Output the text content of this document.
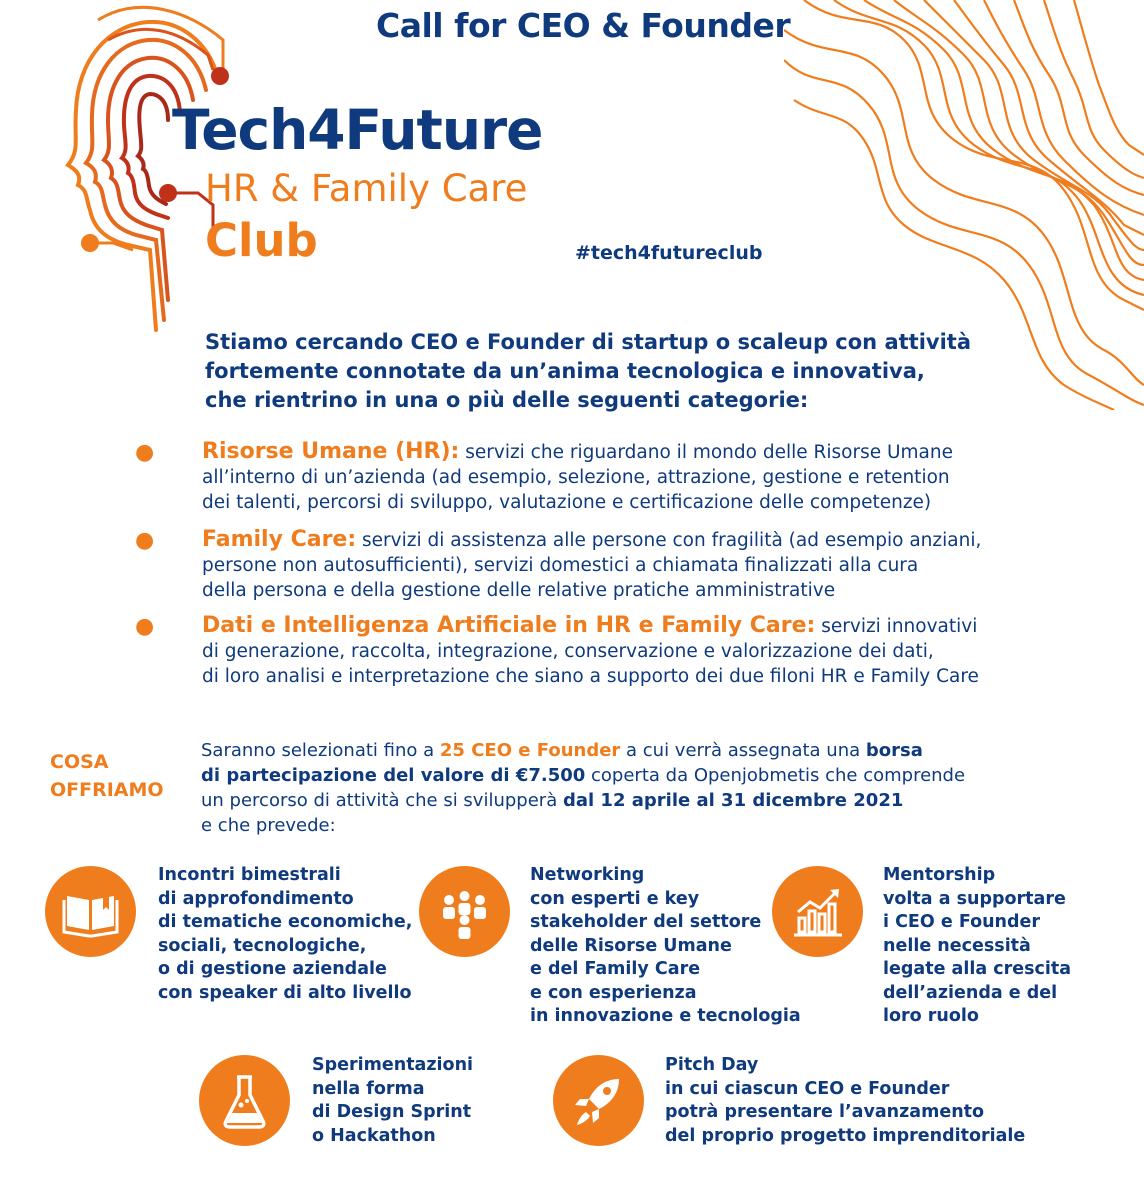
Call for CEO & Founder
Tech4Future
HR & Family Care
Club	#tech4futureclub
Stiamo cercando CEO e Founder di startup o scaleup con attività
fortemente connotate da un’anima tecnologica e innovativa,
che rientrino in una o più delle seguenti categorie:
● Risorse Umane (HR): servizi che riguardano il mondo delle Risorse Umane
all’interno di un’azienda (ad esempio, selezione, attrazione, gestione e retention
dei talenti, percorsi di sviluppo, valutazione e certificazione delle competenze)
● Family Care: servizi di assistenza alle persone con fragilità (ad esempio anziani,
persone non autosufficienti), servizi domestici a chiamata finalizzati alla cura
della persona e della gestione delle relative pratiche amministrative
● Dati e Intelligenza Artificiale in HR e Family Care: servizi innovativi
di generazione, raccolta, integrazione, conservazione e valorizzazione dei dati,
di loro analisi e interpretazione che siano a supporto dei due filoni HR e Family Care
COSA
OFFRIAMO
Saranno selezionati fino a 25 CEO e Founder a cui verrà assegnata una borsa
di partecipazione del valore di €7.500 coperta da Openjobmetis che comprende
un percorso di attività che si svilupperà dal 12 aprile al 31 dicembre 2021
e che prevede:
Incontri bimestrali
di approfondimento
di tematiche economiche,
sociali, tecnologiche,
o di gestione aziendale
con speaker di alto livello
Networking
con esperti e key
stakeholder del settore
delle Risorse Umane
e del Family Care
e con esperienza
in innovazione e tecnologia
Mentorship
volta a supportare
i CEO e Founder
nelle necessità
legate alla crescita
dell’azienda e del
loro ruolo
Sperimentazioni
nella forma
di Design Sprint
o Hackathon
Pitch Day
in cui ciascun CEO e Founder
potrà presentare l’avanzamento
del proprio progetto imprenditoriale
